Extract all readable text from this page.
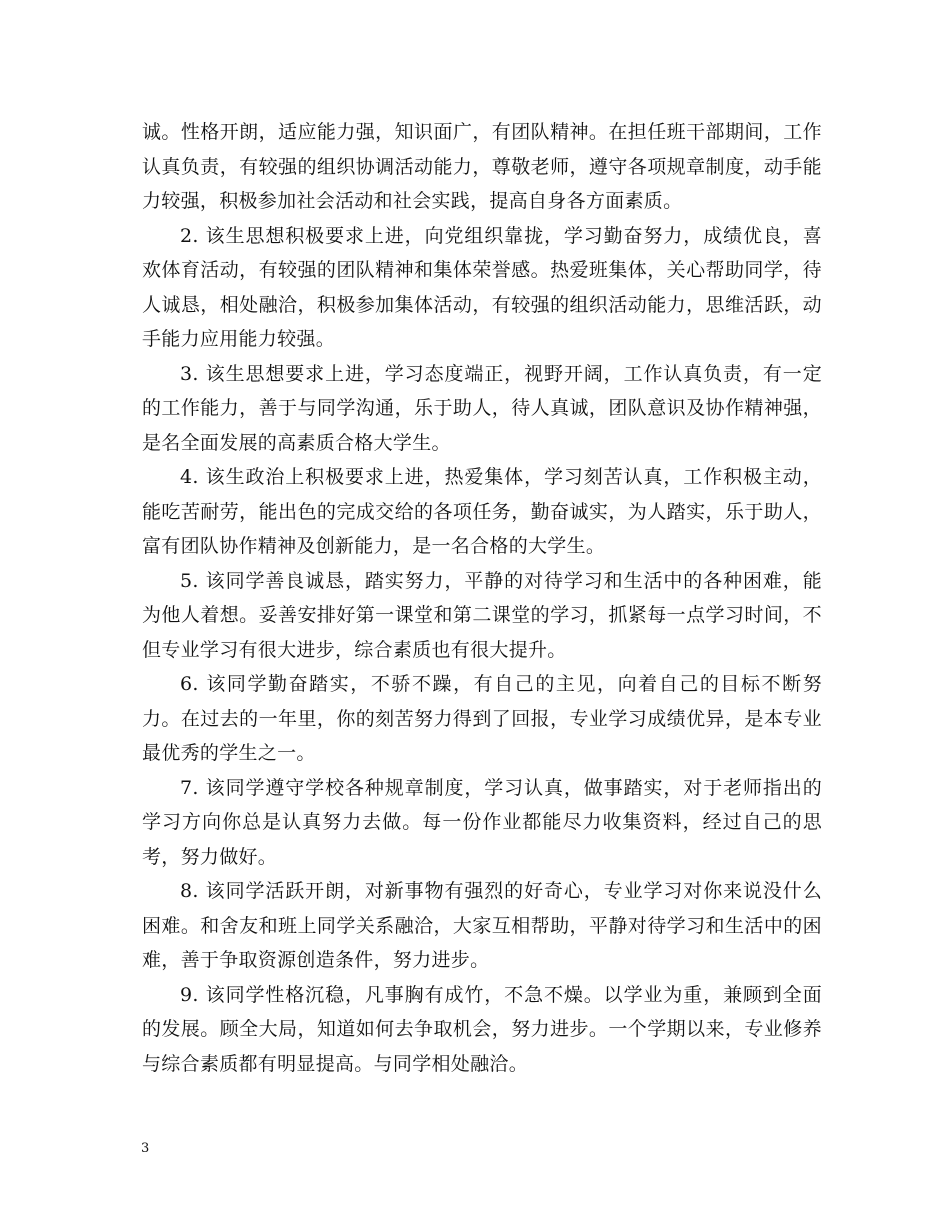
诚。性格开朗，适应能力强，知识面广，有团队精神。在担任班干部期间，工作认真负责，有较强的组织协调活动能力，尊敬老师，遵守各项规章制度，动手能力较强，积极参加社会活动和社会实践，提高自身各方面素质。

2. 该生思想积极要求上进，向党组织靠拢，学习勤奋努力，成绩优良，喜欢体育活动，有较强的团队精神和集体荣誉感。热爱班集体，关心帮助同学，待人诚恳，相处融洽，积极参加集体活动，有较强的组织活动能力，思维活跃，动手能力应用能力较强。

3. 该生思想要求上进，学习态度端正，视野开阔，工作认真负责，有一定的工作能力，善于与同学沟通，乐于助人，待人真诚，团队意识及协作精神强，是名全面发展的高素质合格大学生。

4. 该生政治上积极要求上进，热爱集体，学习刻苦认真，工作积极主动，能吃苦耐劳，能出色的完成交给的各项任务，勤奋诚实，为人踏实，乐于助人，富有团队协作精神及创新能力，是一名合格的大学生。

5. 该同学善良诚恳，踏实努力，平静的对待学习和生活中的各种困难，能为他人着想。妥善安排好第一课堂和第二课堂的学习，抓紧每一点学习时间，不但专业学习有很大进步，综合素质也有很大提升。

6. 该同学勤奋踏实，不骄不躁，有自己的主见，向着自己的目标不断努力。在过去的一年里，你的刻苦努力得到了回报，专业学习成绩优异，是本专业最优秀的学生之一。

7. 该同学遵守学校各种规章制度，学习认真，做事踏实，对于老师指出的学习方向你总是认真努力去做。每一份作业都能尽力收集资料，经过自己的思考，努力做好。

8. 该同学活跃开朗，对新事物有强烈的好奇心，专业学习对你来说没什么困难。和舍友和班上同学关系融洽，大家互相帮助，平静对待学习和生活中的困难，善于争取资源创造条件，努力进步。

9. 该同学性格沉稳，凡事胸有成竹，不急不燥。以学业为重，兼顾到全面的发展。顾全大局，知道如何去争取机会，努力进步。一个学期以来，专业修养与综合素质都有明显提高。与同学相处融洽。

3
